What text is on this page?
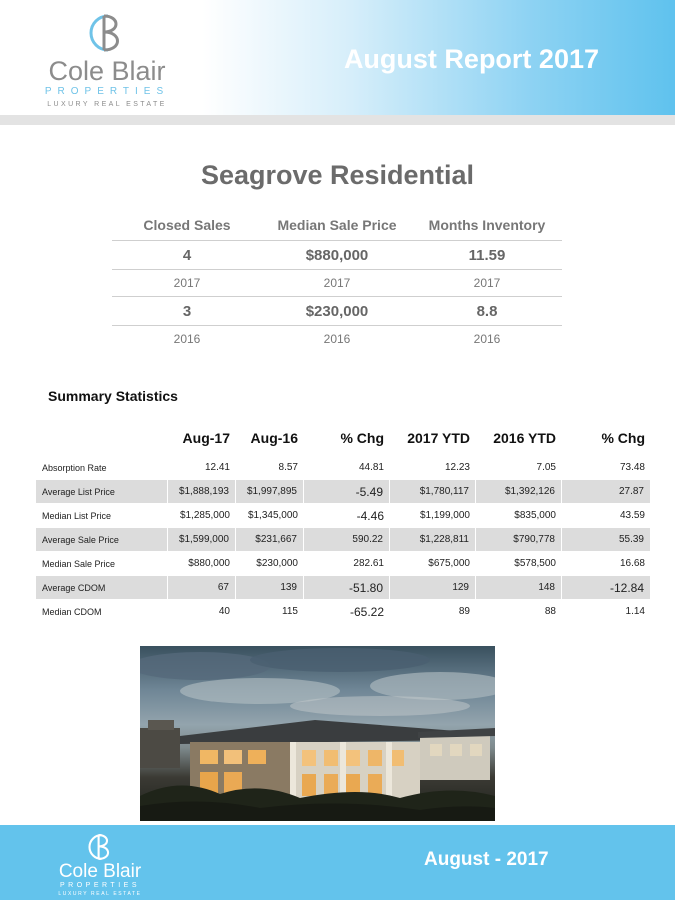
Cole Blair
PROPERTIES
LUXURY REAL ESTATE
August Report 2017
Seagrove Residential
Closed Sales	Median Sale Price	Months Inventory
4	$880,000	11.59
2017	2017	2017
3	$230,000	8.8
2016	2016	2016
Summary Statistics
	Aug-17	Aug-16	% Chg	2017 YTD	2016 YTD	% Chg
Absorption Rate	12.41	8.57	44.81	12.23	7.05	73.48
Average List Price	$1,888,193	$1,997,895	-5.49	$1,780,117	$1,392,126	27.87
Median List Price	$1,285,000	$1,345,000	-4.46	$1,199,000	$835,000	43.59
Average Sale Price	$1,599,000	$231,667	590.22	$1,228,811	$790,778	55.39
Median Sale Price	$880,000	$230,000	282.61	$675,000	$578,500	16.68
Average CDOM	67	139	-51.80	129	148	-12.84
Median CDOM	40	115	-65.22	89	88	1.14
Cole Blair
PROPERTIES
LUXURY REAL ESTATE
August - 2017
